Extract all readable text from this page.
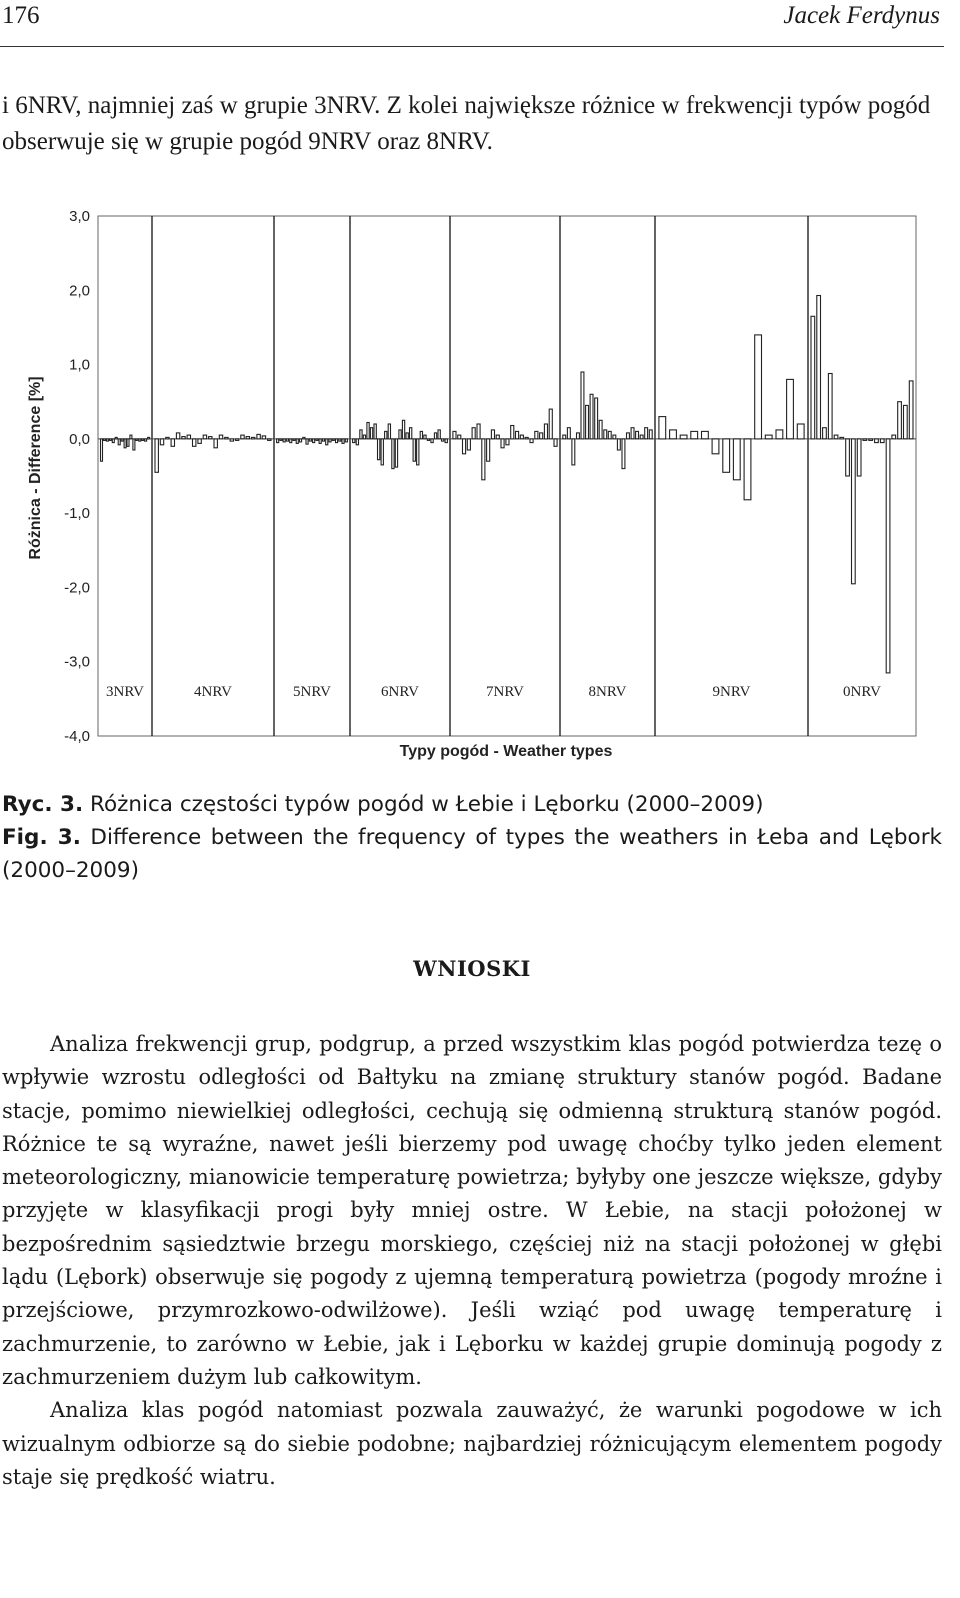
176	Jacek Ferdynus
i 6NRV, najmniej zaś w grupie 3NRV. Z kolei największe różnice w frekwencji typów pogód obserwuje się w grupie pogód 9NRV oraz 8NRV.
3,0
2,0
1,0
0,0
-1,0
-2,0
-3,0
-4,0
3NRV	4NRV	5NRV	6NRV	7NRV	8NRV	9NRV	0NRV
Różnica - Difference [%]
Typy pogód - Weather types
Ryc. 3. Różnica częstości typów pogód w Łebie i Lęborku (2000–2009)
Fig. 3. Difference between the frequency of types the weathers in Łeba and Lębork (2000–2009)
WNIOSKI

Analiza frekwencji grup, podgrup, a przed wszystkim klas pogód potwierdza tezę o wpływie wzrostu odległości od Bałtyku na zmianę struktury stanów pogód. Badane stacje, pomimo niewielkiej odległości, cechują się odmienną strukturą stanów pogód. Różnice te są wyraźne, nawet jeśli bierzemy pod uwagę choćby tylko jeden element meteorologiczny, mianowicie temperaturę powietrza; byłyby one jeszcze większe, gdyby przyjęte w klasyfikacji progi były mniej ostre. W Łebie, na stacji położonej w bezpośrednim sąsiedztwie brzegu morskiego, częściej niż na stacji położonej w głębi lądu (Lębork) obserwuje się pogody z ujemną temperaturą powietrza (pogody mroźne i przejściowe, przymrozkowo-odwilżowe). Jeśli wziąć pod uwagę temperaturę i zachmurzenie, to zarówno w Łebie, jak i Lęborku w każdej grupie dominują pogody z zachmurzeniem dużym lub całkowitym.

Analiza klas pogód natomiast pozwala zauważyć, że warunki pogodowe w ich wizualnym odbiorze są do siebie podobne; najbardziej różnicującym elementem pogody staje się prędkość wiatru.
